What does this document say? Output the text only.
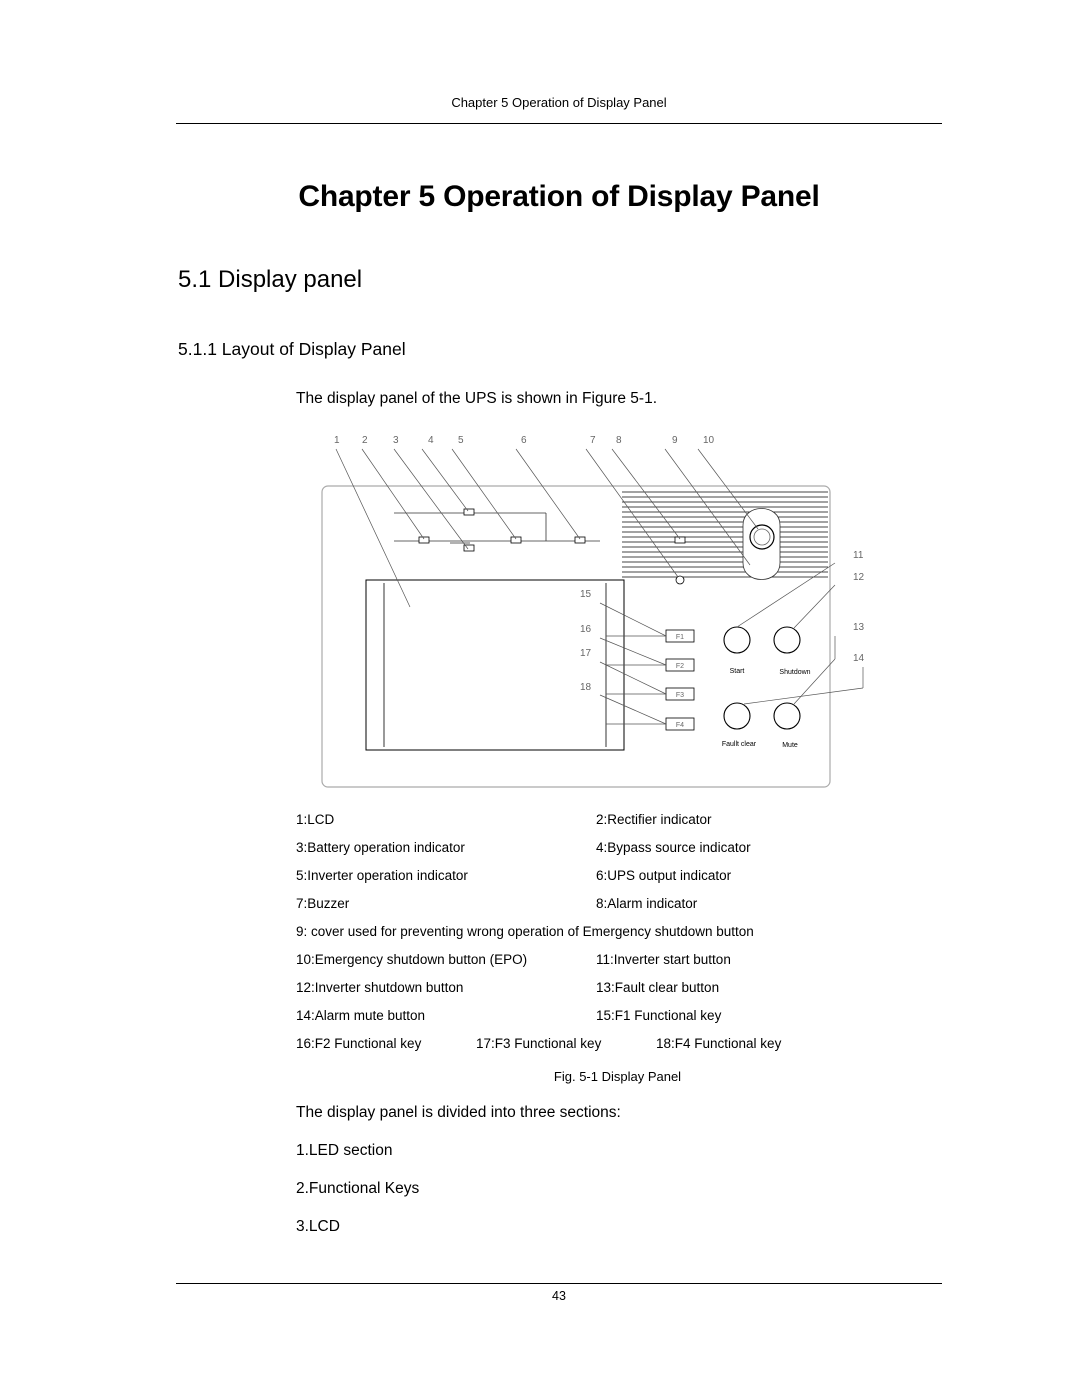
Chapter 5 Operation of Display Panel
Chapter 5 Operation of Display Panel
5.1 Display panel
5.1.1 Layout of Display Panel
The display panel of the UPS is shown in Figure 5-1.
1 2	3	4 5	6	7 8	9	10
11
12
13
14
15
16
17
18
F1
F2
F3
F4
Start	Shutdown
Faullt clear	Mute
1:LCD	2:Rectifier indicator
3:Battery operation indicator	4:Bypass source indicator
5:Inverter operation indicator	6:UPS output indicator
7:Buzzer	8:Alarm indicator
9: cover used for preventing wrong operation of Emergency shutdown button
10:Emergency shutdown button (EPO)	11:Inverter start button
12:Inverter shutdown button	13:Fault clear button
14:Alarm mute button	15:F1 Functional key
16:F2 Functional key	17:F3 Functional key	18:F4 Functional key
Fig. 5-1 Display Panel
The display panel is divided into three sections:
1.LED section
2.Functional Keys
3.LCD
43
